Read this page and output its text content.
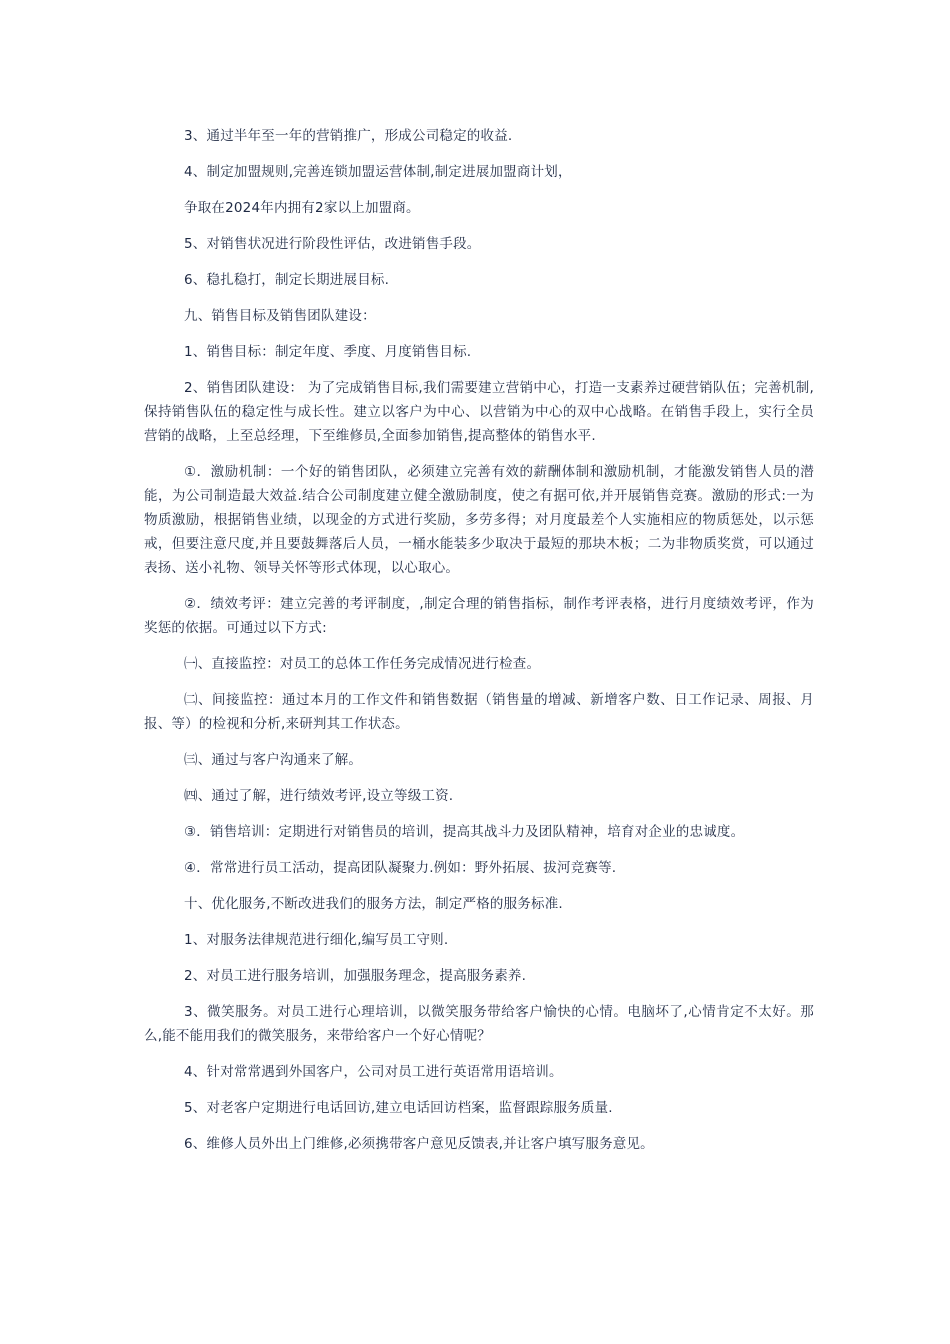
3、通过半年至一年的营销推广，形成公司稳定的收益.

4、制定加盟规则,完善连锁加盟运营体制,制定进展加盟商计划，

争取在2024年内拥有2家以上加盟商。

5、对销售状况进行阶段性评估，改进销售手段。

6、稳扎稳打，制定长期进展目标.

九、销售目标及销售团队建设：

1、销售目标：制定年度、季度、月度销售目标.

2、销售团队建设： 为了完成销售目标,我们需要建立营销中心，打造一支素养过硬营销队伍；完善机制,保持销售队伍的稳定性与成长性。建立以客户为中心、以营销为中心的双中心战略。在销售手段上，实行全员营销的战略，上至总经理，下至维修员,全面参加销售,提高整体的销售水平.

①．激励机制：一个好的销售团队，必须建立完善有效的薪酬体制和激励机制，才能激发销售人员的潜能，为公司制造最大效益.结合公司制度建立健全激励制度，使之有据可依,并开展销售竞赛。激励的形式:一为物质激励，根据销售业绩，以现金的方式进行奖励，多劳多得；对月度最差个人实施相应的物质惩处，以示惩戒，但要注意尺度,并且要鼓舞落后人员，一桶水能装多少取决于最短的那块木板；二为非物质奖赏，可以通过表扬、送小礼物、领导关怀等形式体现，以心取心。

②．绩效考评：建立完善的考评制度，,制定合理的销售指标，制作考评表格，进行月度绩效考评，作为奖惩的依据。可通过以下方式:

㈠、直接监控：对员工的总体工作任务完成情况进行检查。

㈡、间接监控：通过本月的工作文件和销售数据（销售量的增减、新增客户数、日工作记录、周报、月报、等）的检视和分析,来研判其工作状态。

㈢、通过与客户沟通来了解。

㈣、通过了解，进行绩效考评,设立等级工资.

③．销售培训：定期进行对销售员的培训，提高其战斗力及团队精神，培育对企业的忠诚度。

④．常常进行员工活动，提高团队凝聚力.例如：野外拓展、拔河竞赛等.

十、优化服务,不断改进我们的服务方法，制定严格的服务标准.

1、对服务法律规范进行细化,编写员工守则.

2、对员工进行服务培训，加强服务理念，提高服务素养.

3、微笑服务。对员工进行心理培训，以微笑服务带给客户愉快的心情。电脑坏了,心情肯定不太好。那么,能不能用我们的微笑服务，来带给客户一个好心情呢？

4、针对常常遇到外国客户，公司对员工进行英语常用语培训。

5、对老客户定期进行电话回访,建立电话回访档案，监督跟踪服务质量.

6、维修人员外出上门维修,必须携带客户意见反馈表,并让客户填写服务意见。
